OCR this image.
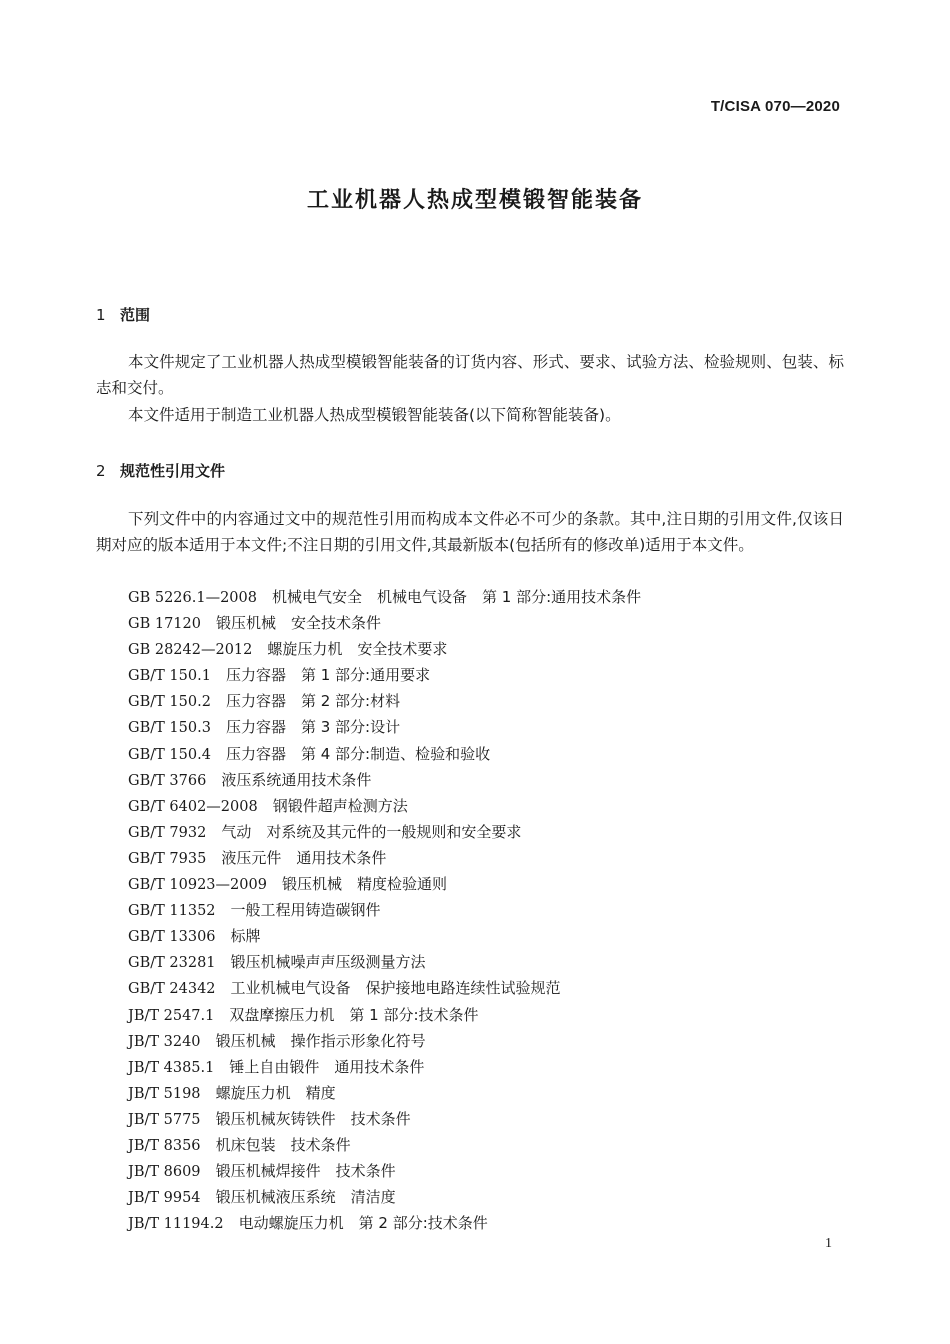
T/CISA 070—2020
工业机器人热成型模锻智能装备
1 范围
本文件规定了工业机器人热成型模锻智能装备的订货内容、形式、要求、试验方法、检验规则、包装、标志和交付。
本文件适用于制造工业机器人热成型模锻智能装备(以下简称智能装备)。
2 规范性引用文件
下列文件中的内容通过文中的规范性引用而构成本文件必不可少的条款。其中,注日期的引用文件,仅该日期对应的版本适用于本文件;不注日期的引用文件,其最新版本(包括所有的修改单)适用于本文件。
GB 5226.1—2008　 机械电气安全　机械电气设备　第 1 部分:通用技术条件
GB 17120　 锻压机械　安全技术条件
GB 28242—2012　 螺旋压力机　安全技术要求
GB/T 150.1　 压力容器　第 1 部分:通用要求
GB/T 150.2　 压力容器　第 2 部分:材料
GB/T 150.3　 压力容器　第 3 部分:设计
GB/T 150.4　 压力容器　第 4 部分:制造、检验和验收
GB/T 3766　 液压系统通用技术条件
GB/T 6402—2008　 钢锻件超声检测方法
GB/T 7932　 气动　对系统及其元件的一般规则和安全要求
GB/T 7935　 液压元件　通用技术条件
GB/T 10923—2009　 锻压机械　精度检验通则
GB/T 11352　 一般工程用铸造碳钢件
GB/T 13306　 标牌
GB/T 23281　 锻压机械噪声声压级测量方法
GB/T 24342　 工业机械电气设备　保护接地电路连续性试验规范
JB/T 2547.1　 双盘摩擦压力机　第 1 部分:技术条件
JB/T 3240　 锻压机械　操作指示形象化符号
JB/T 4385.1　 锤上自由锻件　通用技术条件
JB/T 5198　 螺旋压力机　精度
JB/T 5775　 锻压机械灰铸铁件　技术条件
JB/T 8356　 机床包装　技术条件
JB/T 8609　 锻压机械焊接件　技术条件
JB/T 9954　 锻压机械液压系统　清洁度
JB/T 11194.2　 电动螺旋压力机　第 2 部分:技术条件
1
